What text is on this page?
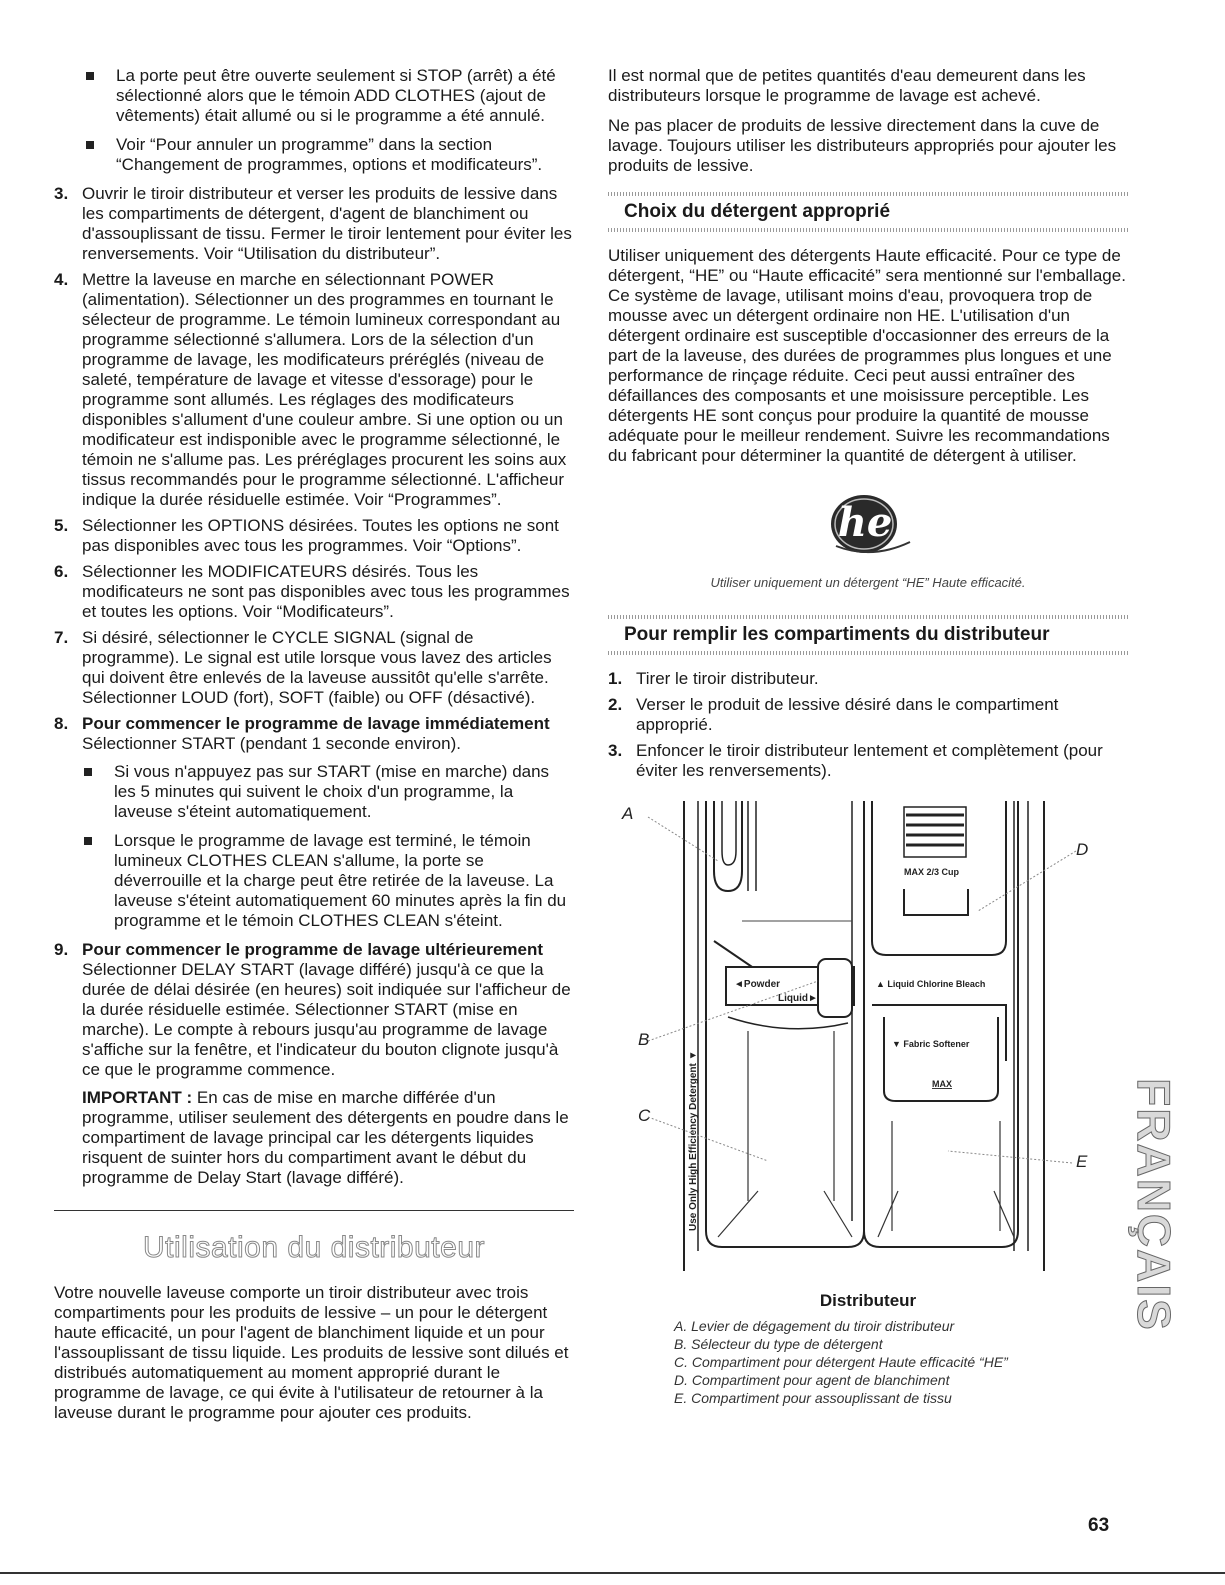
La porte peut être ouverte seulement si STOP (arrêt) a été sélectionné alors que le témoin ADD CLOTHES (ajout de vêtements) était allumé ou si le programme a été annulé.
Voir “Pour annuler un programme” dans la section “Changement de programmes, options et modificateurs”.
3. Ouvrir le tiroir distributeur et verser les produits de lessive dans les compartiments de détergent, d'agent de blanchiment ou d'assouplissant de tissu. Fermer le tiroir lentement pour éviter les renversements. Voir “Utilisation du distributeur”.
4. Mettre la laveuse en marche en sélectionnant POWER (alimentation). Sélectionner un des programmes en tournant le sélecteur de programme. Le témoin lumineux correspondant au programme sélectionné s'allumera. Lors de la sélection d'un programme de lavage, les modificateurs préréglés (niveau de saleté, température de lavage et vitesse d'essorage) pour le programme sont allumés. Les réglages des modificateurs disponibles s'allument d'une couleur ambre. Si une option ou un modificateur est indisponible avec le programme sélectionné, le témoin ne s'allume pas. Les préréglages procurent les soins aux tissus recommandés pour le programme sélectionné. L'afficheur indique la durée résiduelle estimée. Voir “Programmes”.
5. Sélectionner les OPTIONS désirées. Toutes les options ne sont pas disponibles avec tous les programmes. Voir “Options”.
6. Sélectionner les MODIFICATEURS désirés. Tous les modificateurs ne sont pas disponibles avec tous les programmes et toutes les options. Voir “Modificateurs”.
7. Si désiré, sélectionner le CYCLE SIGNAL (signal de programme). Le signal est utile lorsque vous lavez des articles qui doivent être enlevés de la laveuse aussitôt qu'elle s'arrête. Sélectionner LOUD (fort), SOFT (faible) ou OFF (désactivé).
8. Pour commencer le programme de lavage immédiatement
Sélectionner START (pendant 1 seconde environ).
Si vous n'appuyez pas sur START (mise en marche) dans les 5 minutes qui suivent le choix d'un programme, la laveuse s'éteint automatiquement.
Lorsque le programme de lavage est terminé, le témoin lumineux CLOTHES CLEAN s'allume, la porte se déverrouille et la charge peut être retirée de la laveuse. La laveuse s'éteint automatiquement 60 minutes après la fin du programme et le témoin CLOTHES CLEAN s'éteint.
9. Pour commencer le programme de lavage ultérieurement
Sélectionner DELAY START (lavage différé) jusqu'à ce que la durée de délai désirée (en heures) soit indiquée sur l'afficheur de la durée résiduelle estimée. Sélectionner START (mise en marche). Le compte à rebours jusqu'au programme de lavage s'affiche sur la fenêtre, et l'indicateur du bouton clignote jusqu'à ce que le programme commence.

IMPORTANT : En cas de mise en marche différée d'un programme, utiliser seulement des détergents en poudre dans le compartiment de lavage principal car les détergents liquides risquent de suinter hors du compartiment avant le début du programme de Delay Start (lavage différé).

Utilisation du distributeur

Votre nouvelle laveuse comporte un tiroir distributeur avec trois compartiments pour les produits de lessive – un pour le détergent haute efficacité, un pour l'agent de blanchiment liquide et un pour l'assouplissant de tissu liquide. Les produits de lessive sont dilués et distribués automatiquement au moment approprié durant le programme de lavage, ce qui évite à l'utilisateur de retourner à la laveuse durant le programme pour ajouter ces produits.

Il est normal que de petites quantités d'eau demeurent dans les distributeurs lorsque le programme de lavage est achevé.

Ne pas placer de produits de lessive directement dans la cuve de lavage. Toujours utiliser les distributeurs appropriés pour ajouter les produits de lessive.

Choix du détergent approprié

Utiliser uniquement des détergents Haute efficacité. Pour ce type de détergent, “HE” ou “Haute efficacité” sera mentionné sur l'emballage. Ce système de lavage, utilisant moins d'eau, provoquera trop de mousse avec un détergent ordinaire non HE. L'utilisation d'un détergent ordinaire est susceptible d'occasionner des erreurs de la part de la laveuse, des durées de programmes plus longues et une performance de rinçage réduite. Ceci peut aussi entraîner des défaillances des composants et une moisissure perceptible. Les détergents HE sont conçus pour produire la quantité de mousse adéquate pour le meilleur rendement. Suivre les recommandations du fabricant pour déterminer la quantité de détergent à utiliser.

he
Utiliser uniquement un détergent “HE” Haute efficacité.
Pour remplir les compartiments du distributeur
1. Tirer le tiroir distributeur.
2. Verser le produit de lessive désiré dans le compartiment approprié.
3. Enfoncer le tiroir distributeur lentement et complètement (pour éviter les renversements).
◄Powder
Liquid►
Use Only High Efficiency Detergent ▼
MAX 2/3 Cup
▲ Liquid Chlorine Bleach
▼ Fabric Softener
MAX
A
D
B
C
E
Distributeur
A. Levier de dégagement du tiroir distributeur
B. Sélecteur du type de détergent
C. Compartiment pour détergent Haute efficacité “HE”
D. Compartiment pour agent de blanchiment
E. Compartiment pour assouplissant de tissu
FRANÇAIS
63
